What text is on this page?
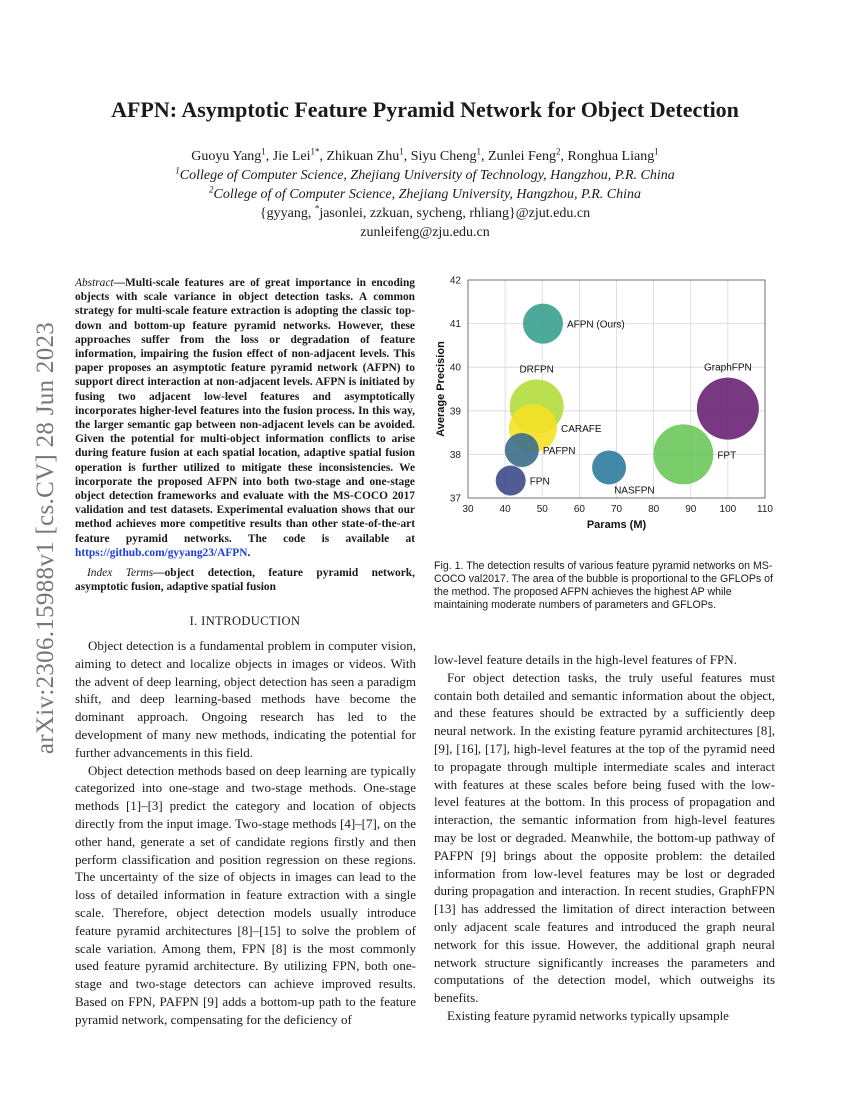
arXiv:2306.15988v1 [cs.CV] 28 Jun 2023
AFPN: Asymptotic Feature Pyramid Network for Object Detection
Guoyu Yang$^1$, Jie Lei$^{1*}$, Zhikuan Zhu$^1$, Siyu Cheng$^1$, Zunlei Feng$^2$, Ronghua Liang$^1$
$^1$College of Computer Science, Zhejiang University of Technology, Hangzhou, P.R. China
$^2$College of of Computer Science, Zhejiang University, Hangzhou, P.R. China
{gyyang, *jasonlei, zzkuan, sycheng, rhliang}@zjut.edu.cn
zunleifeng@zju.edu.cn
Abstract—Multi-scale features are of great importance in encoding objects with scale variance in object detection tasks. A common strategy for multi-scale feature extraction is adopting the classic top-down and bottom-up feature pyramid networks. However, these approaches suffer from the loss or degradation of feature information, impairing the fusion effect of non-adjacent levels. This paper proposes an asymptotic feature pyramid network (AFPN) to support direct interaction at non-adjacent levels. AFPN is initiated by fusing two adjacent low-level features and asymptotically incorporates higher-level features into the fusion process. In this way, the larger semantic gap between non-adjacent levels can be avoided. Given the potential for multi-object information conflicts to arise during feature fusion at each spatial location, adaptive spatial fusion operation is further utilized to mitigate these inconsistencies. We incorporate the proposed AFPN into both two-stage and one-stage object detection frameworks and evaluate with the MS-COCO 2017 validation and test datasets. Experimental evaluation shows that our method achieves more competitive results than other state-of-the-art feature pyramid networks. The code is available at https://github.com/gyyang23/AFPN.
Index Terms—object detection, feature pyramid network, asymptotic fusion, adaptive spatial fusion
I. INTRODUCTION

Object detection is a fundamental problem in computer vision, aiming to detect and localize objects in images or videos. With the advent of deep learning, object detection has seen a paradigm shift, and deep learning-based methods have become the dominant approach. Ongoing research has led to the development of many new methods, indicating the potential for further advancements in this field.

Object detection methods based on deep learning are typically categorized into one-stage and two-stage methods. One-stage methods [1]–[3] predict the category and location of objects directly from the input image. Two-stage methods [4]–[7], on the other hand, generate a set of candidate regions firstly and then perform classification and position regression on these regions. The uncertainty of the size of objects in images can lead to the loss of detailed information in feature extraction with a single scale. Therefore, object detection models usually introduce feature pyramid architectures [8]–[15] to solve the problem of scale variation. Among them, FPN [8] is the most commonly used feature pyramid architecture. By utilizing FPN, both one-stage and two-stage detectors can achieve improved results. Based on FPN, PAFPN [9] adds a bottom-up path to the feature pyramid network, compensating for the deficiency of

low-level feature details in the high-level features of FPN.

For object detection tasks, the truly useful features must contain both detailed and semantic information about the object, and these features should be extracted by a sufficiently deep neural network. In the existing feature pyramid architectures [8], [9], [16], [17], high-level features at the top of the pyramid need to propagate through multiple intermediate scales and interact with features at these scales before being fused with the low-level features at the bottom. In this process of propagation and interaction, the semantic information from high-level features may be lost or degraded. Meanwhile, the bottom-up pathway of PAFPN [9] brings about the opposite problem: the detailed information from low-level features may be lost or degraded during propagation and interaction. In recent studies, GraphFPN [13] has addressed the limitation of direct interaction between only adjacent scale features and introduced the graph neural network for this issue. However, the additional graph neural network structure significantly increases the parameters and computations of the detection model, which outweighs its benefits.

Existing feature pyramid networks typically upsample

30	40	50	60	70	80	90 100 110
37
38
39
40
41
42
AFPN (Ours)
DRFPN
CARAFE
PAFPN
FPN
NASFPN
FPT
GraphFPN
Params (M)
Average Precision
Fig. 1. The detection results of various feature pyramid networks on MS-COCO val2017. The area of the bubble is proportional to the GFLOPs of the method. The proposed AFPN achieves the highest AP while maintaining moderate numbers of parameters and GFLOPs.
